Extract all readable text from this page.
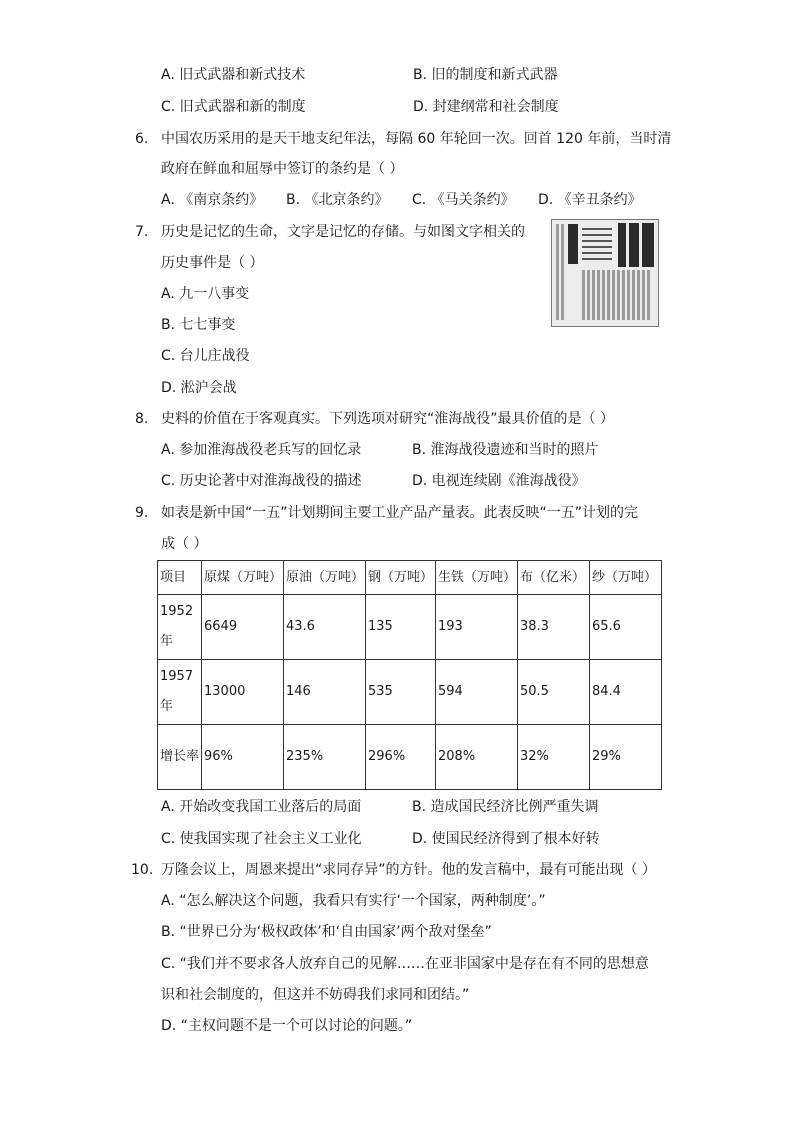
A. 旧式武器和新式技术	B. 旧的制度和新式武器
C. 旧式武器和新的制度	D. 封建纲常和社会制度
6. 中国农历采用的是天干地支纪年法，每隔 60 年轮回一次。回首 120 年前，当时清
政府在鲜血和屈辱中签订的条约是（ ）
A. 《南京条约》 B. 《北京条约》 C. 《马关条约》 D. 《辛丑条约》
7. 历史是记忆的生命，文字是记忆的存储。与如图文字相关的
历史事件是（ ）
A. 九一八事变
B. 七七事变
C. 台儿庄战役
D. 淞沪会战
8. 史料的价值在于客观真实。下列选项对研究“淮海战役”最具价值的是（ ）
A. 参加淮海战役老兵写的回忆录	B. 淮海战役遗迹和当时的照片
C. 历史论著中对淮海战役的描述	D. 电视连续剧《淮海战役》
9. 如表是新中国“一五”计划期间主要工业产品产量表。此表反映“一五”计划的完
成（ ）
项目	原煤（万吨）	原油（万吨）	钢（万吨）	生铁（万吨）	布（亿米）	纱（万吨）
1952年	6649	43.6	135	193	38.3	65.6
1957年	13000	146	535	594	50.5	84.4
增长率	96%	235%	296%	208%	32%	29%
A. 开始改变我国工业落后的局面	B. 造成国民经济比例严重失调
C. 使我国实现了社会主义工业化	D. 使国民经济得到了根本好转
10. 万隆会议上，周恩来提出“求同存异”的方针。他的发言稿中，最有可能出现（ ）
A. “怎么解决这个问题，我看只有实行‘一个国家，两种制度’。”
B. “世界已分为‘极权政体’和‘自由国家’两个敌对堡垒”
C. “我们并不要求各人放弃自己的见解……在亚非国家中是存在有不同的思想意
识和社会制度的，但这并不妨碍我们求同和团结。”
D. “主权问题不是一个可以讨论的问题。”
